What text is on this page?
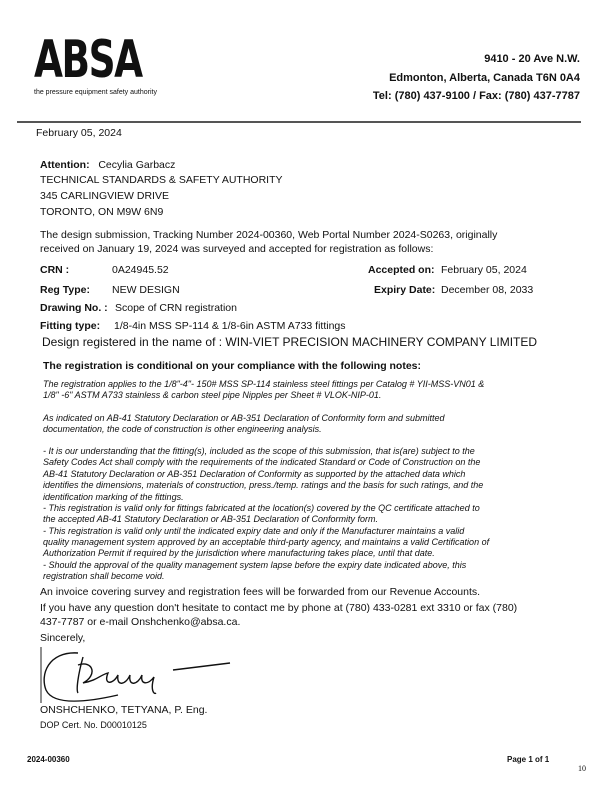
ABSA
the pressure equipment safety authority
9410 - 20 Ave N.W.
Edmonton, Alberta, Canada T6N 0A4
Tel: (780) 437-9100 / Fax: (780) 437-7787
February 05, 2024
Attention: Cecylia Garbacz
TECHNICAL STANDARDS & SAFETY AUTHORITY
345 CARLINGVIEW DRIVE
TORONTO, ON M9W 6N9
The design submission, Tracking Number 2024-00360, Web Portal Number 2024-S0263, originally
received on January 19, 2024 was surveyed and accepted for registration as follows:
CRN :	0A24945.52	Accepted on: February 05, 2024
Reg Type: NEW DESIGN	Expiry Date: December 08, 2033
Drawing No. : Scope of CRN registration
Fitting type: 1/8-4in MSS SP-114 & 1/8-6in ASTM A733 fittings
Design registered in the name of : WIN-VIET PRECISION MACHINERY COMPANY LIMITED
The registration is conditional on your compliance with the following notes:
The registration applies to the 1/8"-4"- 150# MSS SP-114 stainless steel fittings per Catalog # YII-MSS-VN01 &
1/8" -6" ASTM A733 stainless & carbon steel pipe Nipples per Sheet # VLOK-NIP-01.
As indicated on AB-41 Statutory Declaration or AB-351 Declaration of Conformity form and submitted
documentation, the code of construction is other engineering analysis.
- It is our understanding that the fitting(s), included as the scope of this submission, that is(are) subject to the
Safety Codes Act shall comply with the requirements of the indicated Standard or Code of Construction on the
AB-41 Statutory Declaration or AB-351 Declaration of Conformity as supported by the attached data which
identifies the dimensions, materials of construction, press./temp. ratings and the basis for such ratings, and the
identification marking of the fittings.
- This registration is valid only for fittings fabricated at the location(s) covered by the QC certificate attached to
the accepted AB-41 Statutory Declaration or AB-351 Declaration of Conformity form.
- This registration is valid only until the indicated expiry date and only if the Manufacturer maintains a valid
quality management system approved by an acceptable third-party agency, and maintains a valid Certification of
Authorization Permit if required by the jurisdiction where manufacturing takes place, until that date.
- Should the approval of the quality management system lapse before the expiry date indicated above, this
registration shall become void.
An invoice covering survey and registration fees will be forwarded from our Revenue Accounts.
If you have any question don't hesitate to contact me by phone at (780) 433-0281 ext 3310 or fax (780)
437-7787 or e-mail Onshchenko@absa.ca.
Sincerely,
ONSHCHENKO, TETYANA, P. Eng.
DOP Cert. No. D00010125
2024-00360	Page 1 of 1
10
